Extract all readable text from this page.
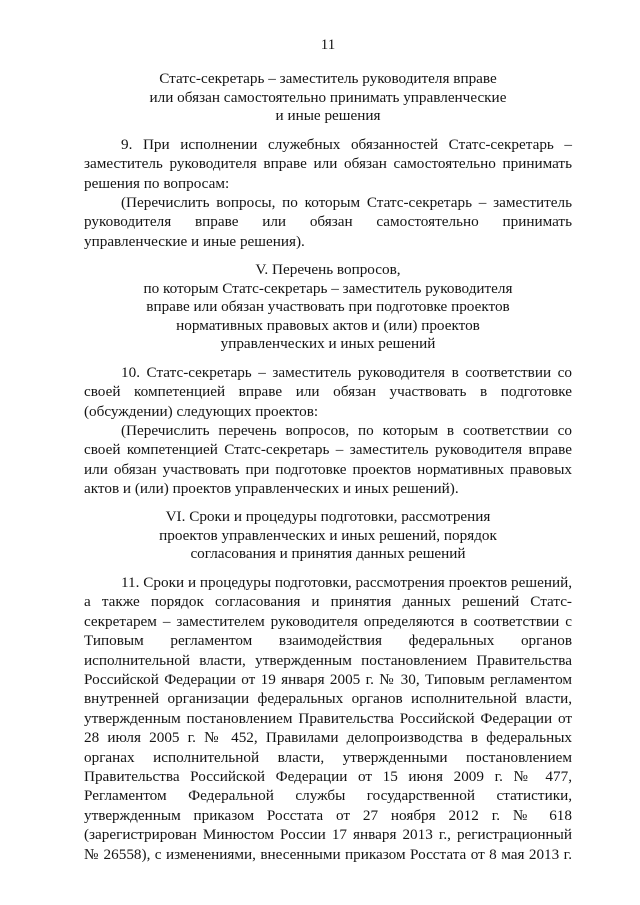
11
Статс-секретарь – заместитель руководителя вправе
или обязан самостоятельно принимать управленческие
и иные решения
9. При исполнении служебных обязанностей Статс-секретарь –
заместитель руководителя вправе или обязан самостоятельно принимать
решения по вопросам:
(Перечислить вопросы, по которым Статс-секретарь – заместитель
руководителя вправе или обязан самостоятельно принимать
управленческие и иные решения).
V. Перечень вопросов,
по которым Статс-секретарь – заместитель руководителя
вправе или обязан участвовать при подготовке проектов
нормативных правовых актов и (или) проектов
управленческих и иных решений
10. Статс-секретарь – заместитель руководителя в соответствии со
своей компетенцией вправе или обязан участвовать в подготовке
(обсуждении) следующих проектов:
(Перечислить перечень вопросов, по которым в соответствии со
своей компетенцией Статс-секретарь – заместитель руководителя вправе
или обязан участвовать при подготовке проектов нормативных правовых
актов и (или) проектов управленческих и иных решений).
VI. Сроки и процедуры подготовки, рассмотрения
проектов управленческих и иных решений, порядок
согласования и принятия данных решений
11. Сроки и процедуры подготовки, рассмотрения проектов решений,
а также порядок согласования и принятия данных решений Статс-
секретарем – заместителем руководителя определяются в соответствии с
Типовым регламентом взаимодействия федеральных органов
исполнительной власти, утвержденным постановлением Правительства
Российской Федерации от 19 января 2005 г. № 30, Типовым регламентом
внутренней организации федеральных органов исполнительной власти,
утвержденным постановлением Правительства Российской Федерации от
28 июля 2005 г. № 452, Правилами делопроизводства в федеральных
органах исполнительной власти, утвержденными постановлением
Правительства Российской Федерации от 15 июня 2009 г. № 477,
Регламентом Федеральной службы государственной статистики,
утвержденным приказом Росстата от 27 ноября 2012 г. № 618
(зарегистрирован Минюстом России 17 января 2013 г., регистрационный
№ 26558), с изменениями, внесенными приказом Росстата от 8 мая 2013 г.
